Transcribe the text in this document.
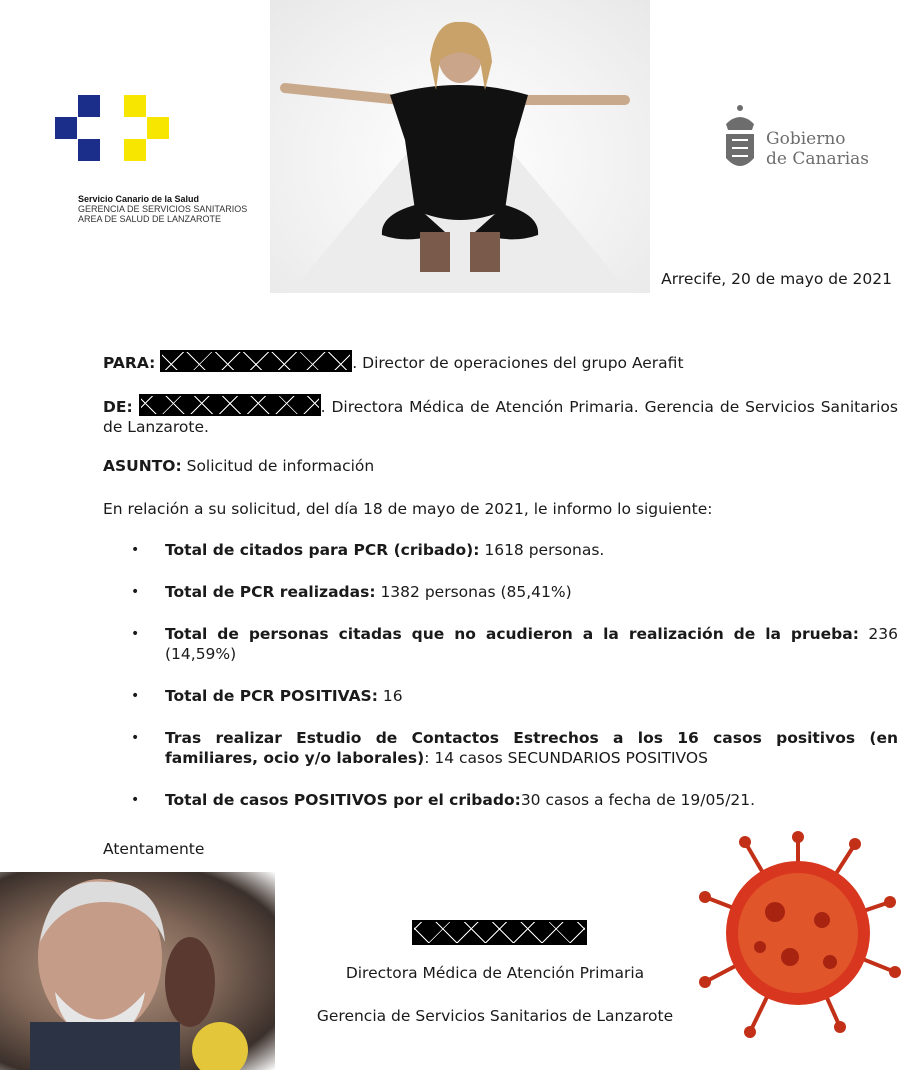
Servicio Canario de la Salud
GERENCIA DE SERVICIOS SANITARIOS
AREA DE SALUD DE LANZAROTE
Gobierno
de Canarias
Arrecife, 20 de mayo de 2021
PARA:	. Director de operaciones del grupo Aerafit
DE:	. Directora Médica de Atención Primaria. Gerencia de Servicios Sanitarios de Lanzarote.
ASUNTO: Solicitud de información
En relación a su solicitud, del día 18 de mayo de 2021, le informo lo siguiente:
• Total de citados para PCR (cribado): 1618 personas.
• Total de PCR realizadas: 1382 personas (85,41%)
• Total de personas citadas que no acudieron a la realización de la prueba: 236 (14,59%)
• Total de PCR POSITIVAS: 16
• Tras realizar Estudio de Contactos Estrechos a los 16 casos positivos (en familiares, ocio y/o laborales): 14 casos SECUNDARIOS POSITIVOS
• Total de casos POSITIVOS por el cribado:30 casos a fecha de 19/05/21.
Atentamente
Directora Médica de Atención Primaria
Gerencia de Servicios Sanitarios de Lanzarote
